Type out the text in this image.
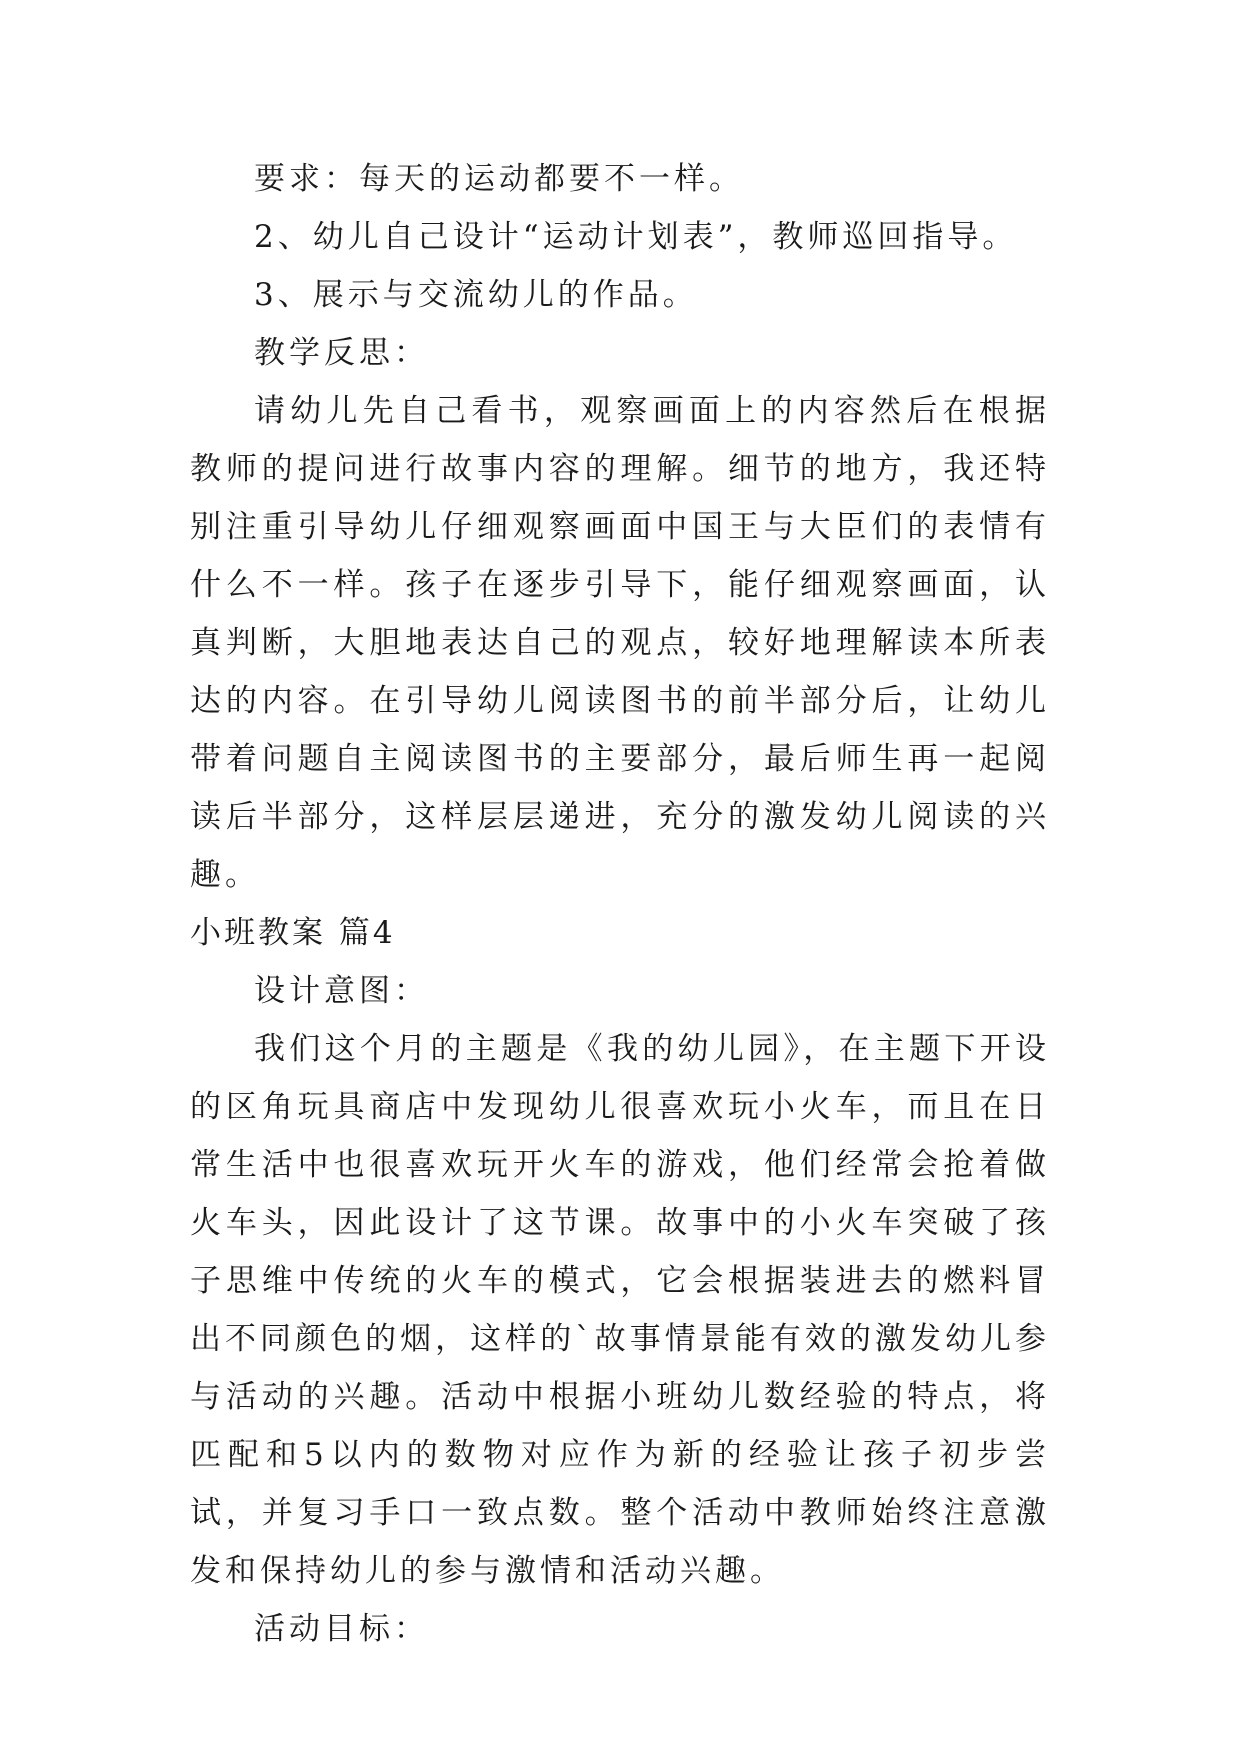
要求：每天的运动都要不一样。

2、幼儿自己设计“运动计划表”，教师巡回指导。

3、展示与交流幼儿的作品。

教学反思：

请幼儿先自己看书，观察画面上的内容然后在根据教师的提问进行故事内容的理解。细节的地方，我还特别注重引导幼儿仔细观察画面中国王与大臣们的表情有什么不一样。孩子在逐步引导下，能仔细观察画面，认真判断，大胆地表达自己的观点，较好地理解读本所表达的内容。在引导幼儿阅读图书的前半部分后，让幼儿带着问题自主阅读图书的主要部分，最后师生再一起阅读后半部分，这样层层递进，充分的激发幼儿阅读的兴趣。

小班教案 篇4

设计意图：

我们这个月的主题是《我的幼儿园》，在主题下开设的区角玩具商店中发现幼儿很喜欢玩小火车，而且在日常生活中也很喜欢玩开火车的游戏，他们经常会抢着做火车头，因此设计了这节课。故事中的小火车突破了孩子思维中传统的火车的模式，它会根据装进去的燃料冒出不同颜色的烟，这样的`故事情景能有效的激发幼儿参与活动的兴趣。活动中根据小班幼儿数经验的特点，将匹配和5以内的数物对应作为新的经验让孩子初步尝试，并复习手口一致点数。整个活动中教师始终注意激发和保持幼儿的参与激情和活动兴趣。

活动目标：
